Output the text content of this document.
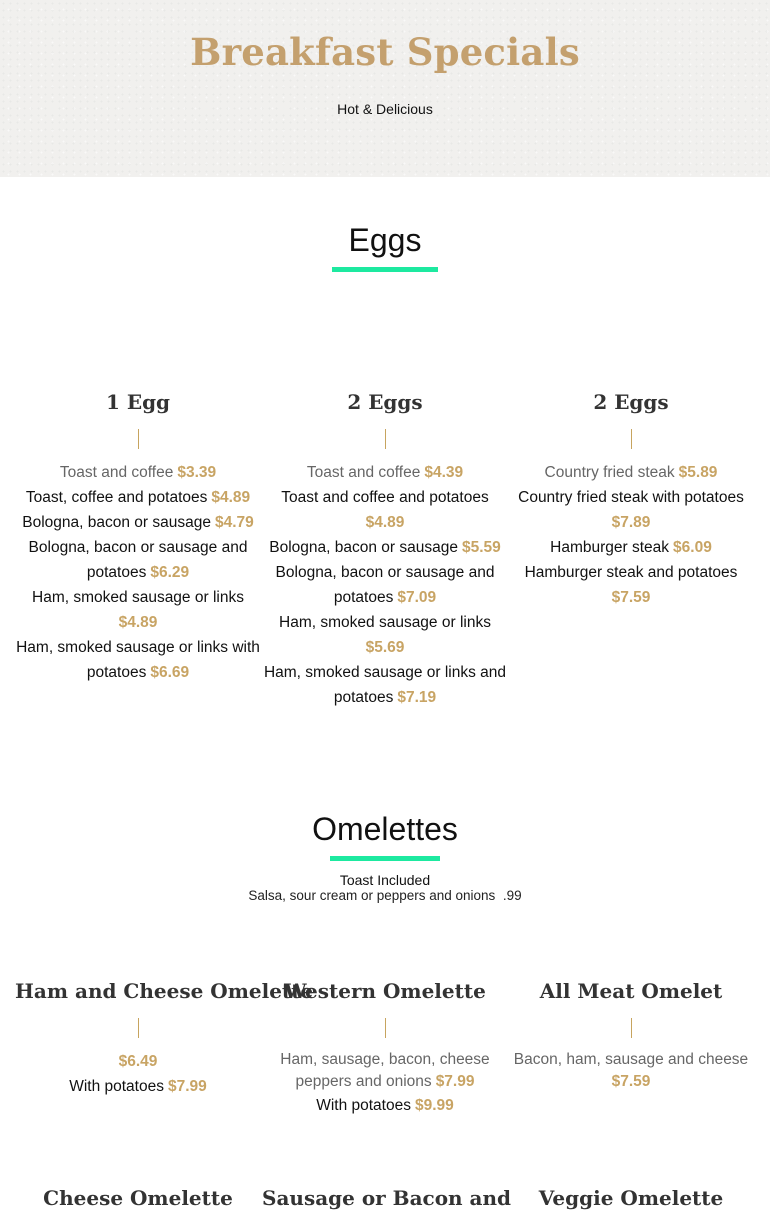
Breakfast Specials
Hot & Delicious
Eggs
1 Egg
Toast and coffee $3.39
Toast, coffee and potatoes $4.89
Bologna, bacon or sausage $4.79
Bologna, bacon or sausage and potatoes $6.29
Ham, smoked sausage or links
$4.89
Ham, smoked sausage or links with potatoes $6.69
2 Eggs
Toast and coffee $4.39
Toast and coffee and potatoes
$4.89
Bologna, bacon or sausage $5.59
Bologna, bacon or sausage and potatoes $7.09
Ham, smoked sausage or links
$5.69
Ham, smoked sausage or links and potatoes $7.19
2 Eggs
Country fried steak $5.89
Country fried steak with potatoes
$7.89
Hamburger steak $6.09
Hamburger steak and potatoes
$7.59
Omelettes
Toast Included
Salsa, sour cream or peppers and onions .99
Ham and Cheese Omelette
$6.49
With potatoes $7.99
Western Omelette
Ham, sausage, bacon, cheese peppers and onions $7.99
With potatoes $9.99
All Meat Omelet
Bacon, ham, sausage and cheese
$7.59
Cheese Omelette	Sausage or Bacon and	Veggie Omelette
